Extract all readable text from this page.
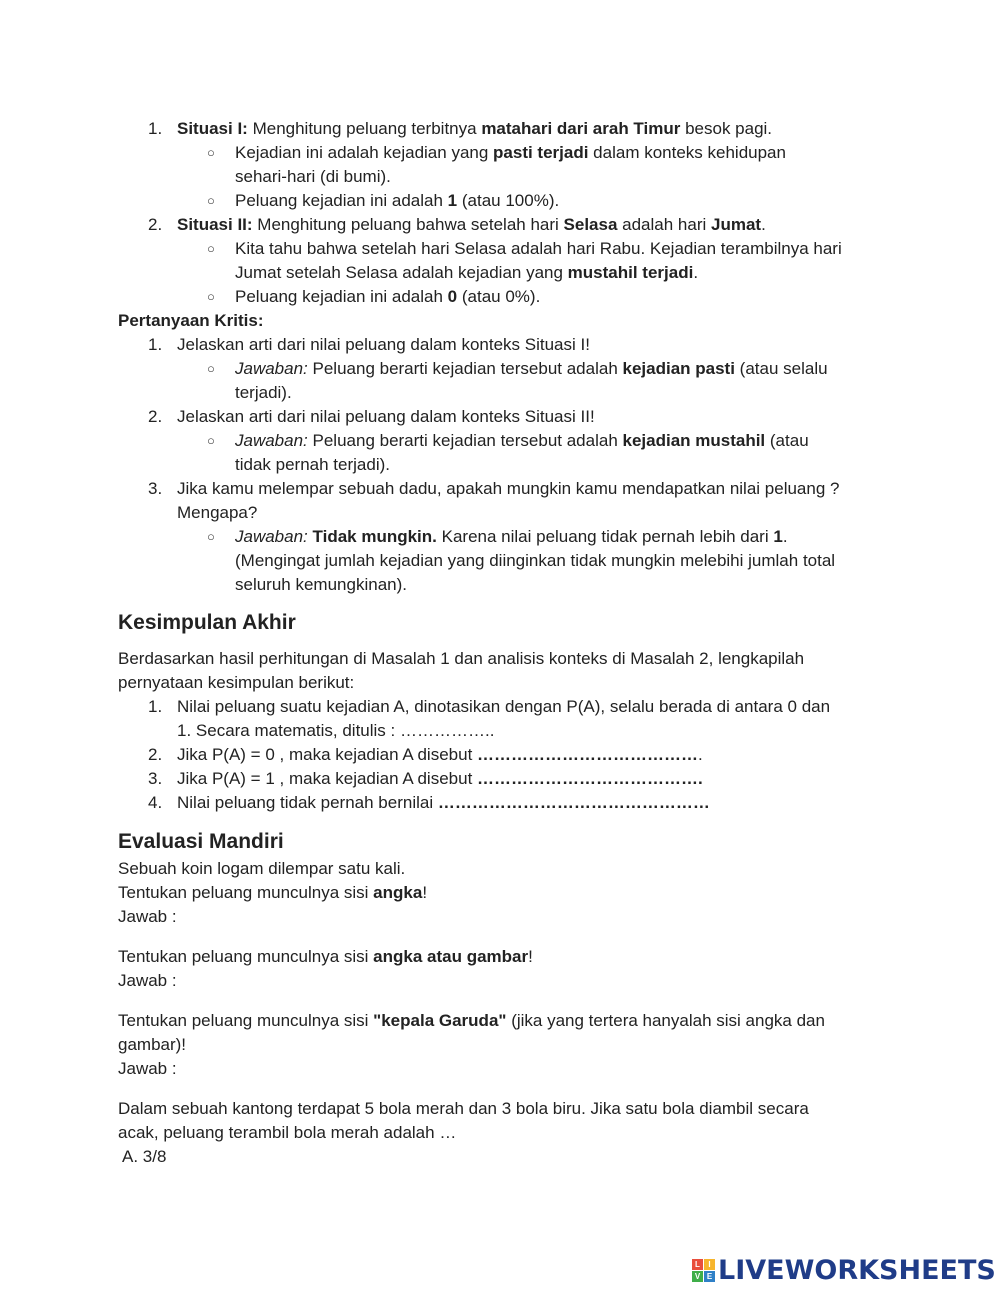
1. Situasi I: Menghitung peluang terbitnya matahari dari arah Timur besok pagi.
○ Kejadian ini adalah kejadian yang pasti terjadi dalam konteks kehidupan
sehari-hari (di bumi).
○ Peluang kejadian ini adalah 1 (atau 100%).
2. Situasi II: Menghitung peluang bahwa setelah hari Selasa adalah hari Jumat.
○ Kita tahu bahwa setelah hari Selasa adalah hari Rabu. Kejadian terambilnya hari
Jumat setelah Selasa adalah kejadian yang mustahil terjadi.
○ Peluang kejadian ini adalah 0 (atau 0%).
Pertanyaan Kritis:
1. Jelaskan arti dari nilai peluang dalam konteks Situasi I!
○ Jawaban: Peluang berarti kejadian tersebut adalah kejadian pasti (atau selalu
terjadi).
2. Jelaskan arti dari nilai peluang dalam konteks Situasi II!
○ Jawaban: Peluang berarti kejadian tersebut adalah kejadian mustahil (atau
tidak pernah terjadi).
3. Jika kamu melempar sebuah dadu, apakah mungkin kamu mendapatkan nilai peluang ?
Mengapa?
○ Jawaban: Tidak mungkin. Karena nilai peluang tidak pernah lebih dari 1.
(Mengingat jumlah kejadian yang diinginkan tidak mungkin melebihi jumlah total
seluruh kemungkinan).
Kesimpulan Akhir
Berdasarkan hasil perhitungan di Masalah 1 dan analisis konteks di Masalah 2, lengkapilah
pernyataan kesimpulan berikut:
1. Nilai peluang suatu kejadian A, dinotasikan dengan P(A), selalu berada di antara 0 dan
1. Secara matematis, ditulis : ……………..
2. Jika P(A) = 0 , maka kejadian A disebut ………………………………….
3. Jika P(A) = 1 , maka kejadian A disebut ………………………………….
4. Nilai peluang tidak pernah bernilai …………………………………………
Evaluasi Mandiri
Sebuah koin logam dilempar satu kali.
Tentukan peluang munculnya sisi angka!
Jawab :
Tentukan peluang munculnya sisi angka atau gambar!
Jawab :
Tentukan peluang munculnya sisi "kepala Garuda" (jika yang tertera hanyalah sisi angka dan
gambar)!
Jawab :
Dalam sebuah kantong terdapat 5 bola merah dan 3 bola biru. Jika satu bola diambil secara
acak, peluang terambil bola merah adalah …
A. 3/8
L	I
V E LIVEWORKSHEETS
